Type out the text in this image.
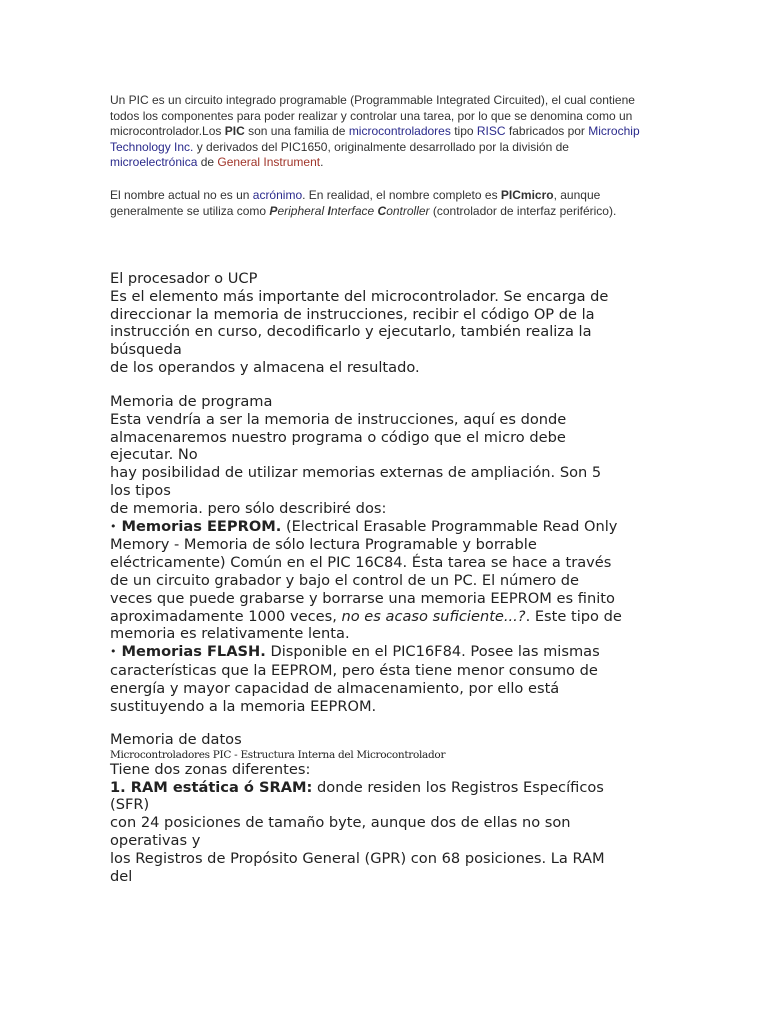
Un PIC es un circuito integrado programable (Programmable Integrated Circuited), el cual contiene todos los componentes para poder realizar y controlar una tarea, por lo que se denomina como un microcontrolador.Los PIC son una familia de microcontroladores tipo RISC fabricados por Microchip Technology Inc. y derivados del PIC1650, originalmente desarrollado por la división de microelectrónica de General Instrument.

El nombre actual no es un acrónimo. En realidad, el nombre completo es PICmicro, aunque generalmente se utiliza como Peripheral Interface Controller (controlador de interfaz periférico).

El procesador o UCP
Es el elemento más importante del microcontrolador. Se encarga de
direccionar la memoria de instrucciones, recibir el código OP de la
instrucción en curso, decodificarlo y ejecutarlo, también realiza la
búsqueda
de los operandos y almacena el resultado.
Memoria de programa
Esta vendría a ser la memoria de instrucciones, aquí es donde
almacenaremos nuestro programa o código que el micro debe
ejecutar. No
hay posibilidad de utilizar memorias externas de ampliación. Son 5
los tipos
de memoria. pero sólo describiré dos:
• Memorias EEPROM. (Electrical Erasable Programmable Read Only
Memory - Memoria de sólo lectura Programable y borrable
eléctricamente) Común en el PIC 16C84. Ésta tarea se hace a través
de un circuito grabador y bajo el control de un PC. El número de
veces que puede grabarse y borrarse una memoria EEPROM es finito
aproximadamente 1000 veces, no es acaso suficiente...?. Este tipo de
memoria es relativamente lenta.
• Memorias FLASH. Disponible en el PIC16F84. Posee las mismas
características que la EEPROM, pero ésta tiene menor consumo de
energía y mayor capacidad de almacenamiento, por ello está
sustituyendo a la memoria EEPROM.
Memoria de datos
Microcontroladores PIC - Estructura Interna del Microcontrolador
Tiene dos zonas diferentes:
1. RAM estática ó SRAM: donde residen los Registros Específicos
(SFR)
con 24 posiciones de tamaño byte, aunque dos de ellas no son
operativas y
los Registros de Propósito General (GPR) con 68 posiciones. La RAM
del
